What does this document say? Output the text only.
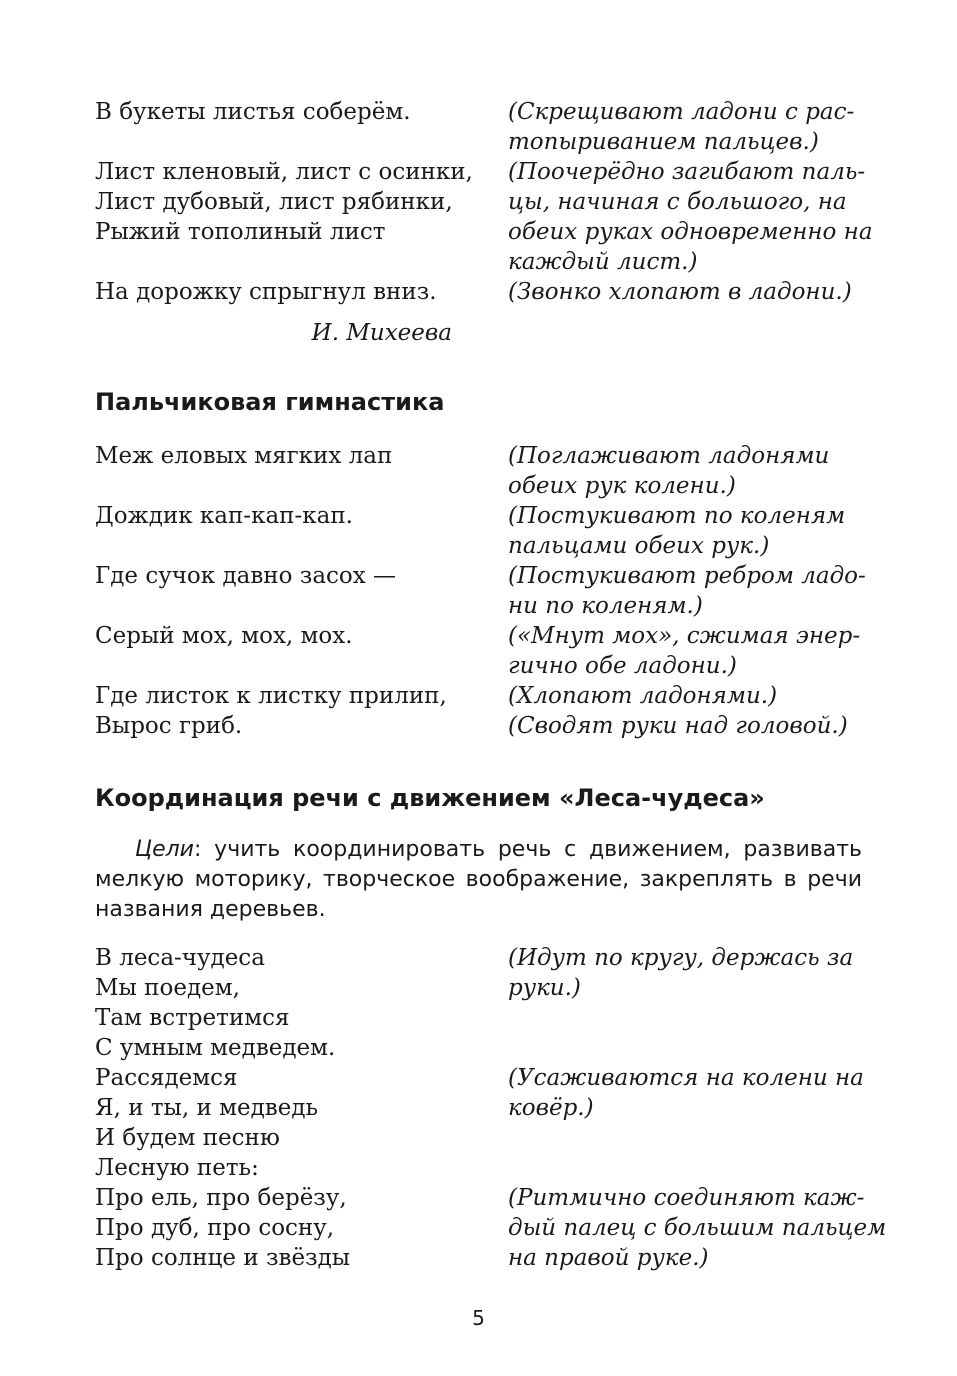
В букеты листья соберём.
Лист кленовый, лист с осинки,
Лист дубовый, лист рябинки,
Рыжий тополиный лист
На дорожку спрыгнул вниз.
(Скрещивают ладони с рас-
топыриванием пальцев.)
(Поочерёдно загибают паль-
цы, начиная с большого, на
обеих руках одновременно на
каждый лист.)
(Звонко хлопают в ладони.)
И. Михеева
Пальчиковая гимнастика
Меж еловых мягких лап
Дождик кап-кап-кап.
Где сучок давно засох —
Серый мох, мох, мох.
Где листок к листку прилип,
Вырос гриб.
(Поглаживают ладонями
обеих рук колени.)
(Постукивают по коленям
пальцами обеих рук.)
(Постукивают ребром ладо-
ни по коленям.)
(«Мнут мох», сжимая энер-
гично обе ладони.)
(Хлопают ладонями.)
(Сводят руки над головой.)
Координация речи с движением «Леса-чудеса»
Цели: учить координировать речь с движением, развивать
мелкую моторику, творческое воображение, закреплять в речи
названия деревьев.
В леса-чудеса
Мы поедем,
Там встретимся
С умным медведем.
Рассядемся
Я, и ты, и медведь
И будем песню
Лесную петь:
Про ель, про берёзу,
Про дуб, про сосну,
Про солнце и звёзды
(Идут по кругу, держась за
руки.)
(Усаживаются на колени на
ковёр.)
(Ритмично соединяют каж-
дый палец с большим пальцем
на правой руке.)
5
